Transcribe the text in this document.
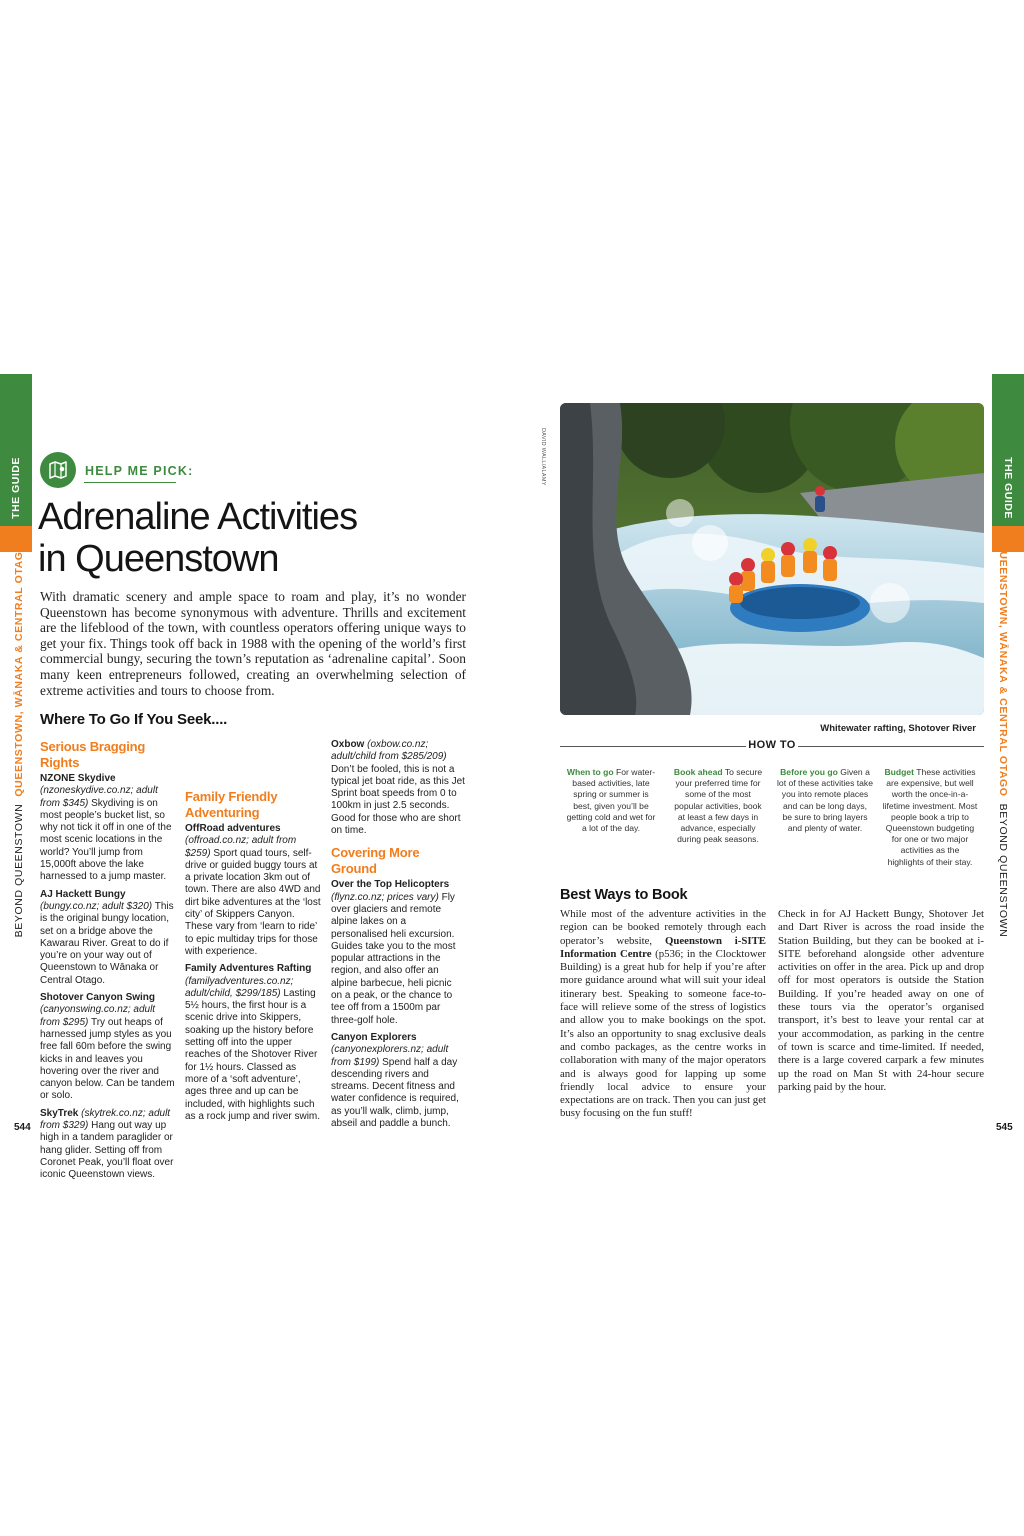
THE GUIDE
BEYOND QUEENSTOWN  QUEENSTOWN, WĀNAKA & CENTRAL OTAGO
THE GUIDE
QUEENSTOWN, WĀNAKA & CENTRAL OTAGO  BEYOND QUEENSTOWN
HELP ME PICK:
Adrenaline Activities
in Queenstown

With dramatic scenery and ample space to roam and play, it’s no wonder Queenstown has become synonymous with adventure. Thrills and excitement are the lifeblood of the town, with countless operators offering unique ways to get your fix. Things took off back in 1988 with the opening of the world’s first commercial bungy, securing the town’s reputation as ‘adrenaline capital’. Soon many keen entrepreneurs followed, creating an overwhelming selection of extreme activities and tours to choose from.

Where To Go If You Seek....
Serious Bragging Rights

NZONE Skydive (nzoneskydive.co.nz; adult from $345) Skydiving is on most people’s bucket list, so why not tick it off in one of the most scenic locations in the world? You’ll jump from 15,000ft above the lake harnessed to a jump master.

AJ Hackett Bungy (bungy.co.nz; adult $320) This is the original bungy location, set on a bridge above the Kawarau River. Great to do if you’re on your way out of Queenstown to Wānaka or Central Otago.

Shotover Canyon Swing (canyonswing.co.nz; adult from $295) Try out heaps of harnessed jump styles as you free fall 60m before the swing kicks in and leaves you hovering over the river and canyon below. Can be tandem or solo.

SkyTrek (skytrek.co.nz; adult from $329) Hang out way up high in a tandem paraglider or hang glider. Setting off from Coronet Peak, you’ll float over iconic Queenstown views.

Family Friendly Adventuring

OffRoad adventures (offroad.co.nz; adult from $259) Sport quad tours, self-drive or guided buggy tours at a private location 3km out of town. There are also 4WD and dirt bike adventures at the ‘lost city’ of Skippers Canyon. These vary from ‘learn to ride’ to epic multiday trips for those with experience.

Family Adventures Rafting (familyadventures.co.nz; adult/child, $299/185) Lasting 5½ hours, the first hour is a scenic drive into Skippers, soaking up the history before setting off into the upper reaches of the Shotover River for 1½ hours. Classed as more of a ‘soft adventure’, ages three and up can be included, with highlights such as a rock jump and river swim.

Oxbow (oxbow.co.nz; adult/child from $285/209) Don’t be fooled, this is not a typical jet boat ride, as this Jet Sprint boat speeds from 0 to 100km in just 2.5 seconds. Good for those who are short on time.

Covering More Ground

Over the Top Helicopters (flynz.co.nz; prices vary) Fly over glaciers and remote alpine lakes on a personalised heli excursion. Guides take you to the most popular attractions in the region, and also offer an alpine barbecue, heli picnic on a peak, or the chance to tee off from a 1500m par three-golf hole.

Canyon Explorers (canyonexplorers.nz; adult from $199) Spend half a day descending rivers and streams. Decent fitness and water confidence is required, as you’ll walk, climb, jump, abseil and paddle a bunch.

544	545
DAVID WALL/ALAMY
Whitewater rafting, Shotover River
HOW TO
When to go For water-based activities, late spring or summer is best, given you’ll be getting cold and wet for a lot of the day.
Book ahead To secure your preferred time for some of the most popular activities, book at least a few days in advance, especially during peak seasons.
Before you go Given a lot of these activities take you into remote places and can be long days, be sure to bring layers and plenty of water.
Budget These activities are expensive, but well worth the once-in-a-lifetime investment. Most people book a trip to Queenstown budgeting for one or two major activities as the highlights of their stay.
Best Ways to Book

While most of the adventure activities in the region can be booked remotely through each operator’s website, Queenstown i-SITE Information Centre (p536; in the Clocktower Building) is a great hub for help if you’re after more guidance around what will suit your ideal itinerary best. Speaking to someone face-to-face will relieve some of the stress of logistics and allow you to make bookings on the spot. It’s also an opportunity to snag exclusive deals and combo packages, as the centre works in collaboration with many of the major operators and is always good for lapping up some friendly local advice to ensure your expectations are on track. Then you can just get busy focusing on the fun stuff!

Check in for AJ Hackett Bungy, Shotover Jet and Dart River is across the road inside the Station Building, but they can be booked at i-SITE beforehand alongside other adventure activities on offer in the area. Pick up and drop off for most operators is outside the Station Building. If you’re headed away on one of these tours via the operator’s organised transport, it’s best to leave your rental car at your accommodation, as parking in the centre of town is scarce and time-limited. If needed, there is a large covered carpark a few minutes up the road on Man St with 24-hour secure parking paid by the hour.
